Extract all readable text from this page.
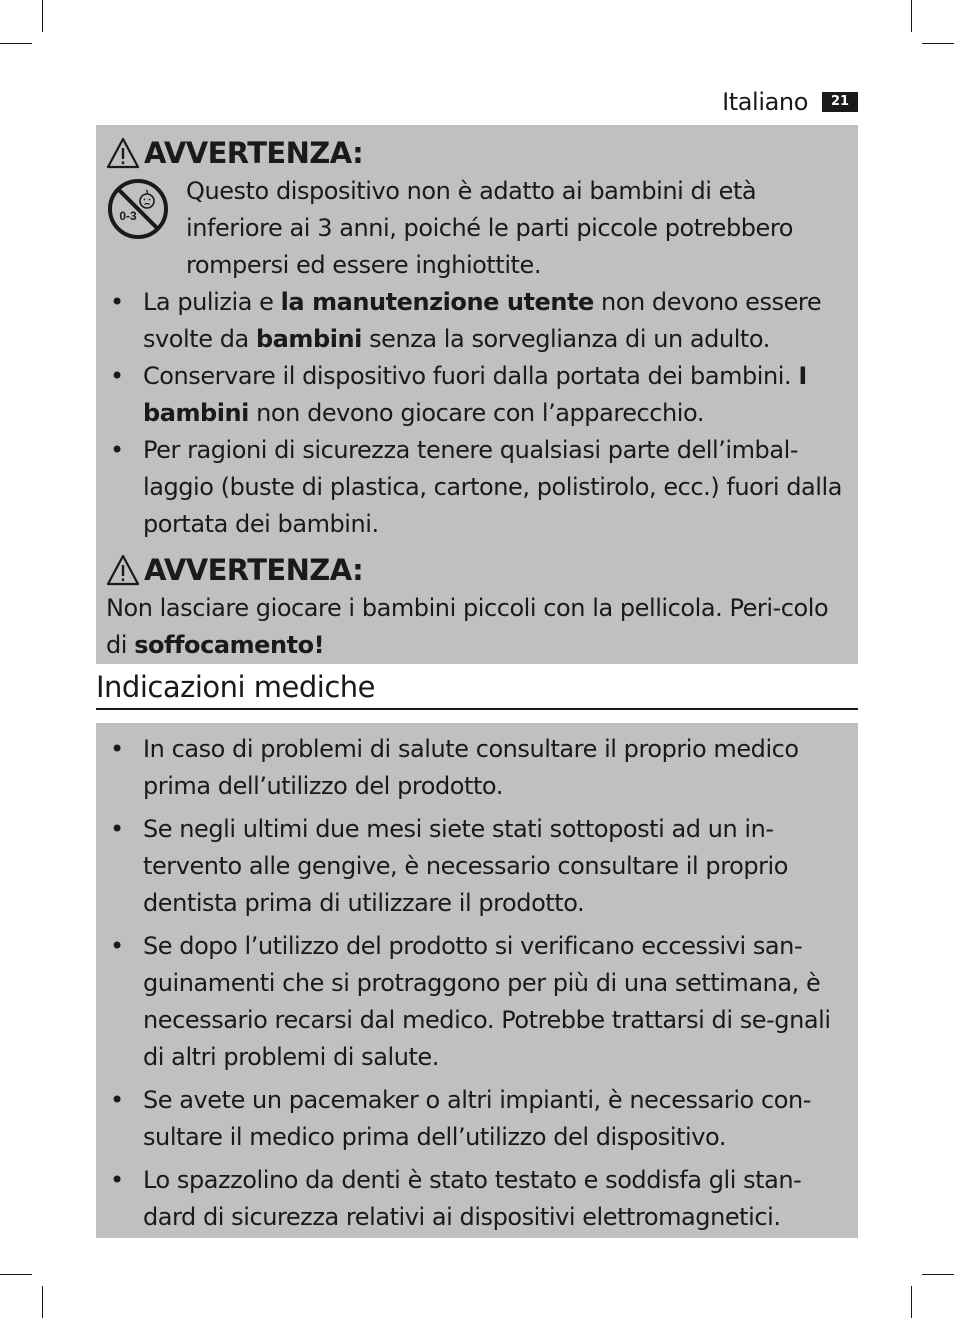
Italiano	21
AVVERTENZA:
0-3
Questo dispositivo non è adatto ai bambini di età inferiore ai 3 anni, poiché le parti piccole potrebbero rompersi ed essere inghiottite.
• La pulizia e la manutenzione utente non devono essere svolte da bambini senza la sorveglianza di un adulto.
• Conservare il dispositivo fuori dalla portata dei bambini. I bambini non devono giocare con l’apparecchio.
• Per ragioni di sicurezza tenere qualsiasi parte dell’imbal-laggio (buste di plastica, cartone, polistirolo, ecc.) fuori dalla portata dei bambini.
AVVERTENZA:
Non lasciare giocare i bambini piccoli con la pellicola. Peri-colo di soffocamento!
Indicazioni mediche
• In caso di problemi di salute consultare il proprio medico prima dell’utilizzo del prodotto.
• Se negli ultimi due mesi siete stati sottoposti ad un in-tervento alle gengive, è necessario consultare il proprio dentista prima di utilizzare il prodotto.
• Se dopo l’utilizzo del prodotto si verificano eccessivi san-guinamenti che si protraggono per più di una settimana, è necessario recarsi dal medico. Potrebbe trattarsi di se-gnali di altri problemi di salute.
• Se avete un pacemaker o altri impianti, è necessario con-sultare il medico prima dell’utilizzo del dispositivo.
• Lo spazzolino da denti è stato testato e soddisfa gli stan-dard di sicurezza relativi ai dispositivi elettromagnetici.
